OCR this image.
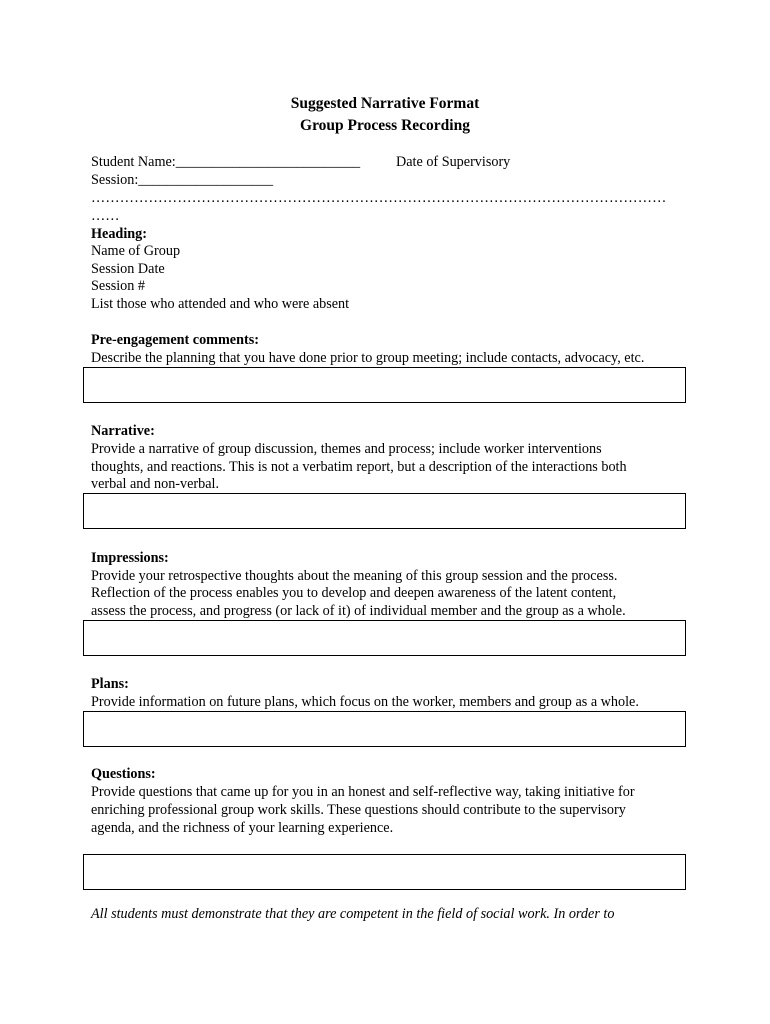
Suggested Narrative Format
Group Process Recording
Student Name:__________________________	Date of Supervisory
Session:___________________
…………………………………………………………………………………………………………
……
Heading:
Name of Group
Session Date
Session #
List those who attended and who were absent
Pre-engagement comments:
Describe the planning that you have done prior to group meeting; include contacts, advocacy, etc.
Narrative:
Provide a narrative of group discussion, themes and process; include worker interventions
thoughts, and reactions. This is not a verbatim report, but a description of the interactions both
verbal and non-verbal.
Impressions:
Provide your retrospective thoughts about the meaning of this group session and the process.
Reflection of the process enables you to develop and deepen awareness of the latent content,
assess the process, and progress (or lack of it) of individual member and the group as a whole.
Plans:
Provide information on future plans, which focus on the worker, members and group as a whole.
Questions:
Provide questions that came up for you in an honest and self-reflective way, taking initiative for
enriching professional group work skills. These questions should contribute to the supervisory
agenda, and the richness of your learning experience.
All students must demonstrate that they are competent in the field of social work. In order to
